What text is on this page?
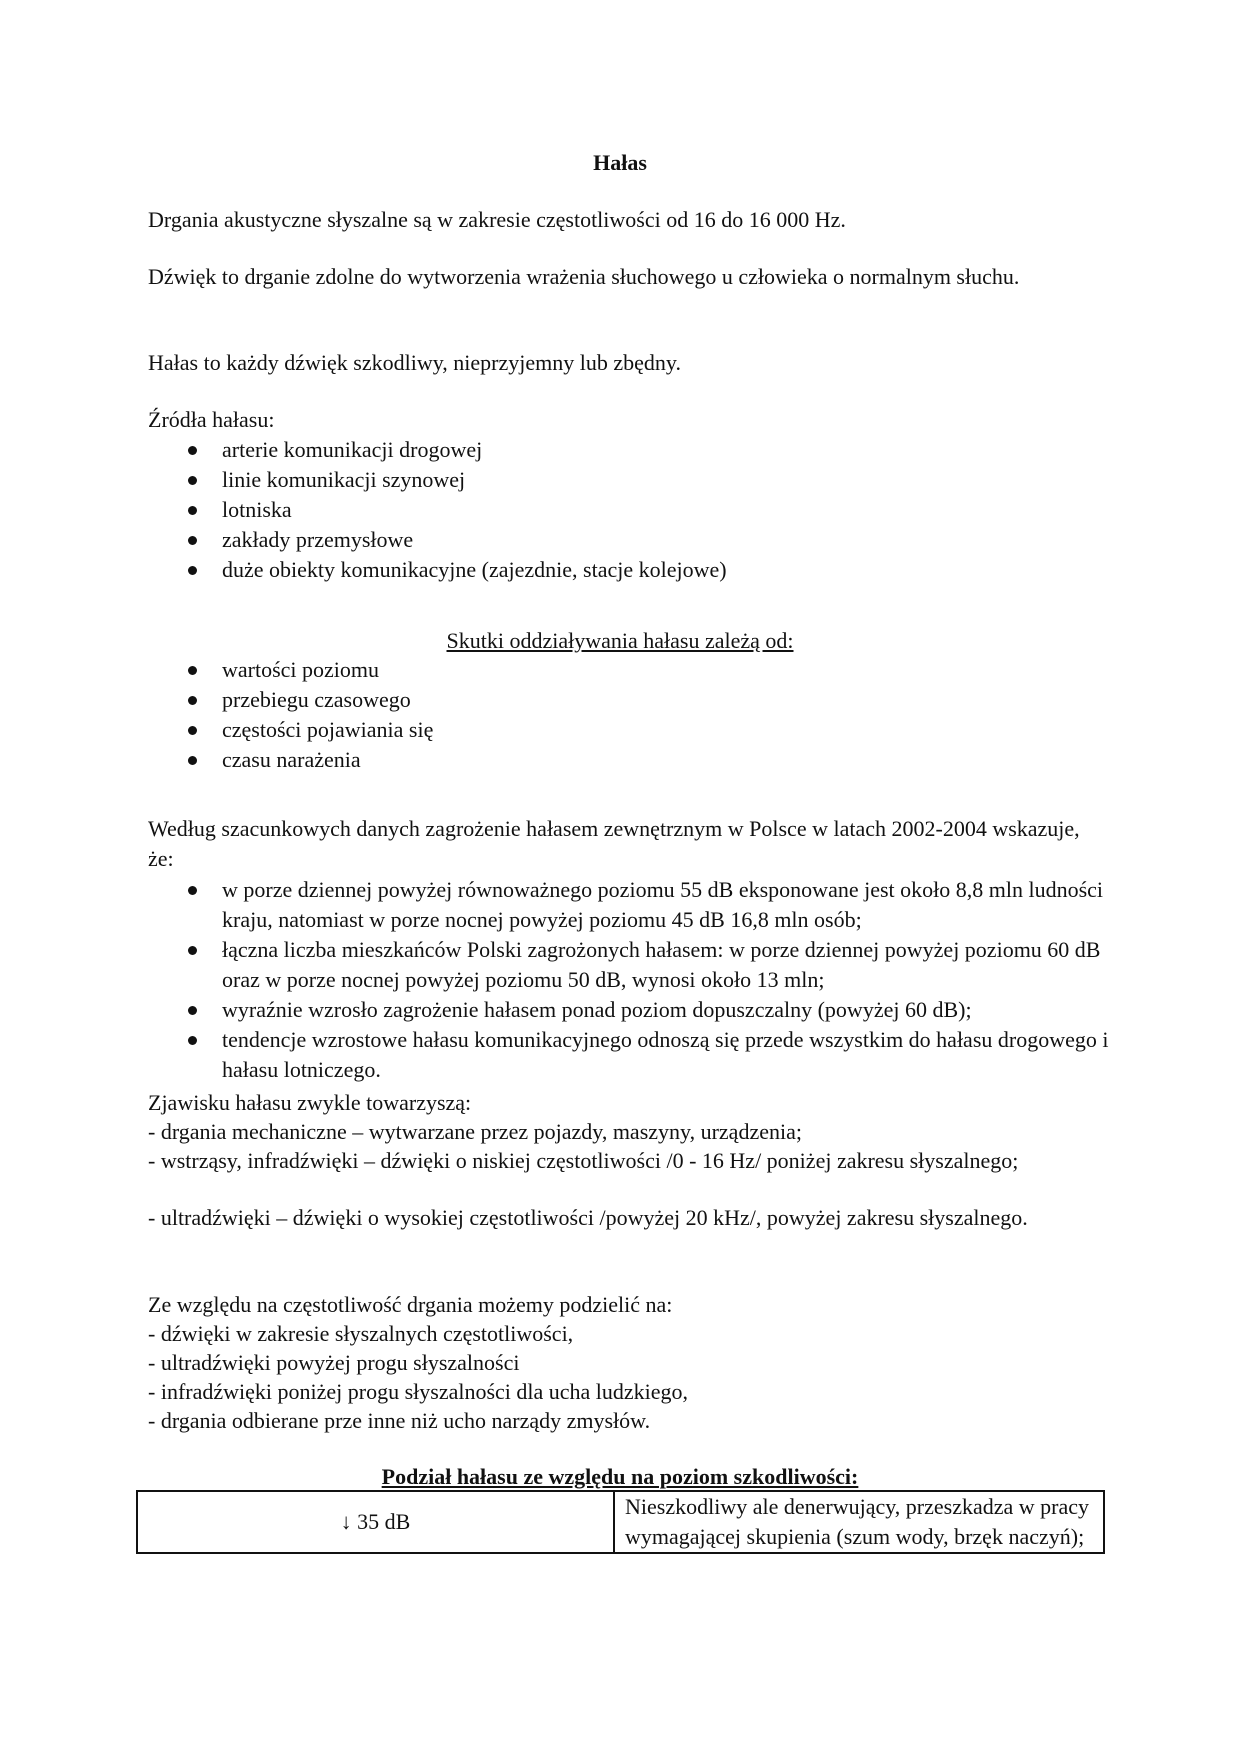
Hałas

Drgania akustyczne słyszalne są w zakresie częstotliwości od 16 do 16 000 Hz.

Dźwięk to drganie zdolne do wytworzenia wrażenia słuchowego u człowieka o normalnym słuchu.

Hałas to każdy dźwięk szkodliwy, nieprzyjemny lub zbędny.

Źródła hałasu:
arterie komunikacji drogowej
linie komunikacji szynowej
lotniska
zakłady przemysłowe
duże obiekty komunikacyjne (zajezdnie, stacje kolejowe)
Skutki oddziaływania hałasu zależą od:
wartości poziomu
przebiegu czasowego
częstości pojawiania się
czasu narażenia

Według szacunkowych danych zagrożenie hałasem zewnętrznym w Polsce w latach 2002-2004 wskazuje, że:

w porze dziennej powyżej równoważnego poziomu 55 dB eksponowane jest około 8,8 mln ludności kraju, natomiast w porze nocnej powyżej poziomu 45 dB 16,8 mln osób;
łączna liczba mieszkańców Polski zagrożonych hałasem: w porze dziennej powyżej poziomu 60 dB oraz w porze nocnej powyżej poziomu 50 dB, wynosi około 13 mln;
wyraźnie wzrosło zagrożenie hałasem ponad poziom dopuszczalny (powyżej 60 dB);
tendencje wzrostowe hałasu komunikacyjnego odnoszą się przede wszystkim do hałasu drogowego i hałasu lotniczego.
Zjawisku hałasu zwykle towarzyszą:
- drgania mechaniczne – wytwarzane przez pojazdy, maszyny, urządzenia;
- wstrząsy, infradźwięki – dźwięki o niskiej częstotliwości /0 - 16 Hz/ poniżej zakresu słyszalnego;
- ultradźwięki – dźwięki o wysokiej częstotliwości /powyżej 20 kHz/, powyżej zakresu słyszalnego.
Ze względu na częstotliwość drgania możemy podzielić na:
- dźwięki w zakresie słyszalnych częstotliwości,
- ultradźwięki powyżej progu słyszalności
- infradźwięki poniżej progu słyszalności dla ucha ludzkiego,
- drgania odbierane prze inne niż ucho narządy zmysłów.
Podział hałasu ze względu na poziom szkodliwości:
↓ 35 dB	Nieszkodliwy ale denerwujący, przeszkadza w pracy wymagającej skupienia (szum wody, brzęk naczyń);
